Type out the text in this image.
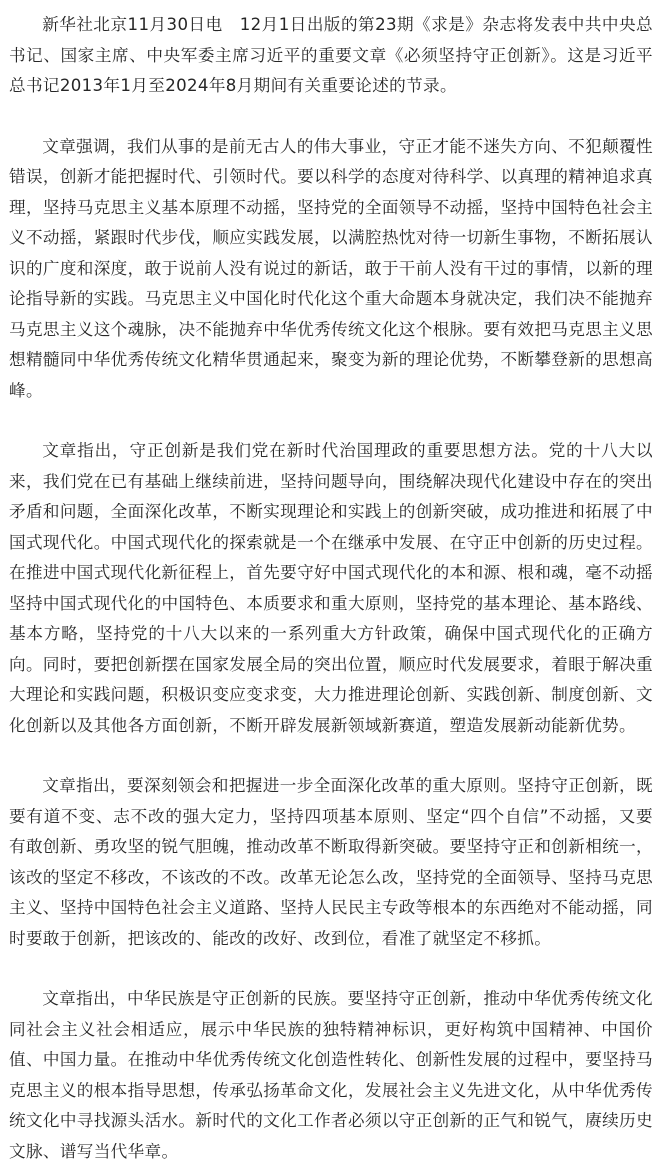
新华社北京11月30日电　12月1日出版的第23期《求是》杂志将发表中共中央总书记、国家主席、中央军委主席习近平的重要文章《必须坚持守正创新》。这是习近平总书记2013年1月至2024年8月期间有关重要论述的节录。

文章强调，我们从事的是前无古人的伟大事业，守正才能不迷失方向、不犯颠覆性错误，创新才能把握时代、引领时代。要以科学的态度对待科学、以真理的精神追求真理，坚持马克思主义基本原理不动摇，坚持党的全面领导不动摇，坚持中国特色社会主义不动摇，紧跟时代步伐，顺应实践发展，以满腔热忱对待一切新生事物，不断拓展认识的广度和深度，敢于说前人没有说过的新话，敢于干前人没有干过的事情，以新的理论指导新的实践。马克思主义中国化时代化这个重大命题本身就决定，我们决不能抛弃马克思主义这个魂脉，决不能抛弃中华优秀传统文化这个根脉。要有效把马克思主义思想精髓同中华优秀传统文化精华贯通起来，聚变为新的理论优势，不断攀登新的思想高峰。

文章指出，守正创新是我们党在新时代治国理政的重要思想方法。党的十八大以来，我们党在已有基础上继续前进，坚持问题导向，围绕解决现代化建设中存在的突出矛盾和问题，全面深化改革，不断实现理论和实践上的创新突破，成功推进和拓展了中国式现代化。中国式现代化的探索就是一个在继承中发展、在守正中创新的历史过程。在推进中国式现代化新征程上，首先要守好中国式现代化的本和源、根和魂，毫不动摇坚持中国式现代化的中国特色、本质要求和重大原则，坚持党的基本理论、基本路线、基本方略，坚持党的十八大以来的一系列重大方针政策，确保中国式现代化的正确方向。同时，要把创新摆在国家发展全局的突出位置，顺应时代发展要求，着眼于解决重大理论和实践问题，积极识变应变求变，大力推进理论创新、实践创新、制度创新、文化创新以及其他各方面创新，不断开辟发展新领域新赛道，塑造发展新动能新优势。

文章指出，要深刻领会和把握进一步全面深化改革的重大原则。坚持守正创新，既要有道不变、志不改的强大定力，坚持四项基本原则、坚定“四个自信”不动摇，又要有敢创新、勇攻坚的锐气胆魄，推动改革不断取得新突破。要坚持守正和创新相统一，该改的坚定不移改，不该改的不改。改革无论怎么改，坚持党的全面领导、坚持马克思主义、坚持中国特色社会主义道路、坚持人民民主专政等根本的东西绝对不能动摇，同时要敢于创新，把该改的、能改的改好、改到位，看准了就坚定不移抓。

文章指出，中华民族是守正创新的民族。要坚持守正创新，推动中华优秀传统文化同社会主义社会相适应，展示中华民族的独特精神标识，更好构筑中国精神、中国价值、中国力量。在推动中华优秀传统文化创造性转化、创新性发展的过程中，要坚持马克思主义的根本指导思想，传承弘扬革命文化，发展社会主义先进文化，从中华优秀传统文化中寻找源头活水。新时代的文化工作者必须以守正创新的正气和锐气，赓续历史文脉、谱写当代华章。
